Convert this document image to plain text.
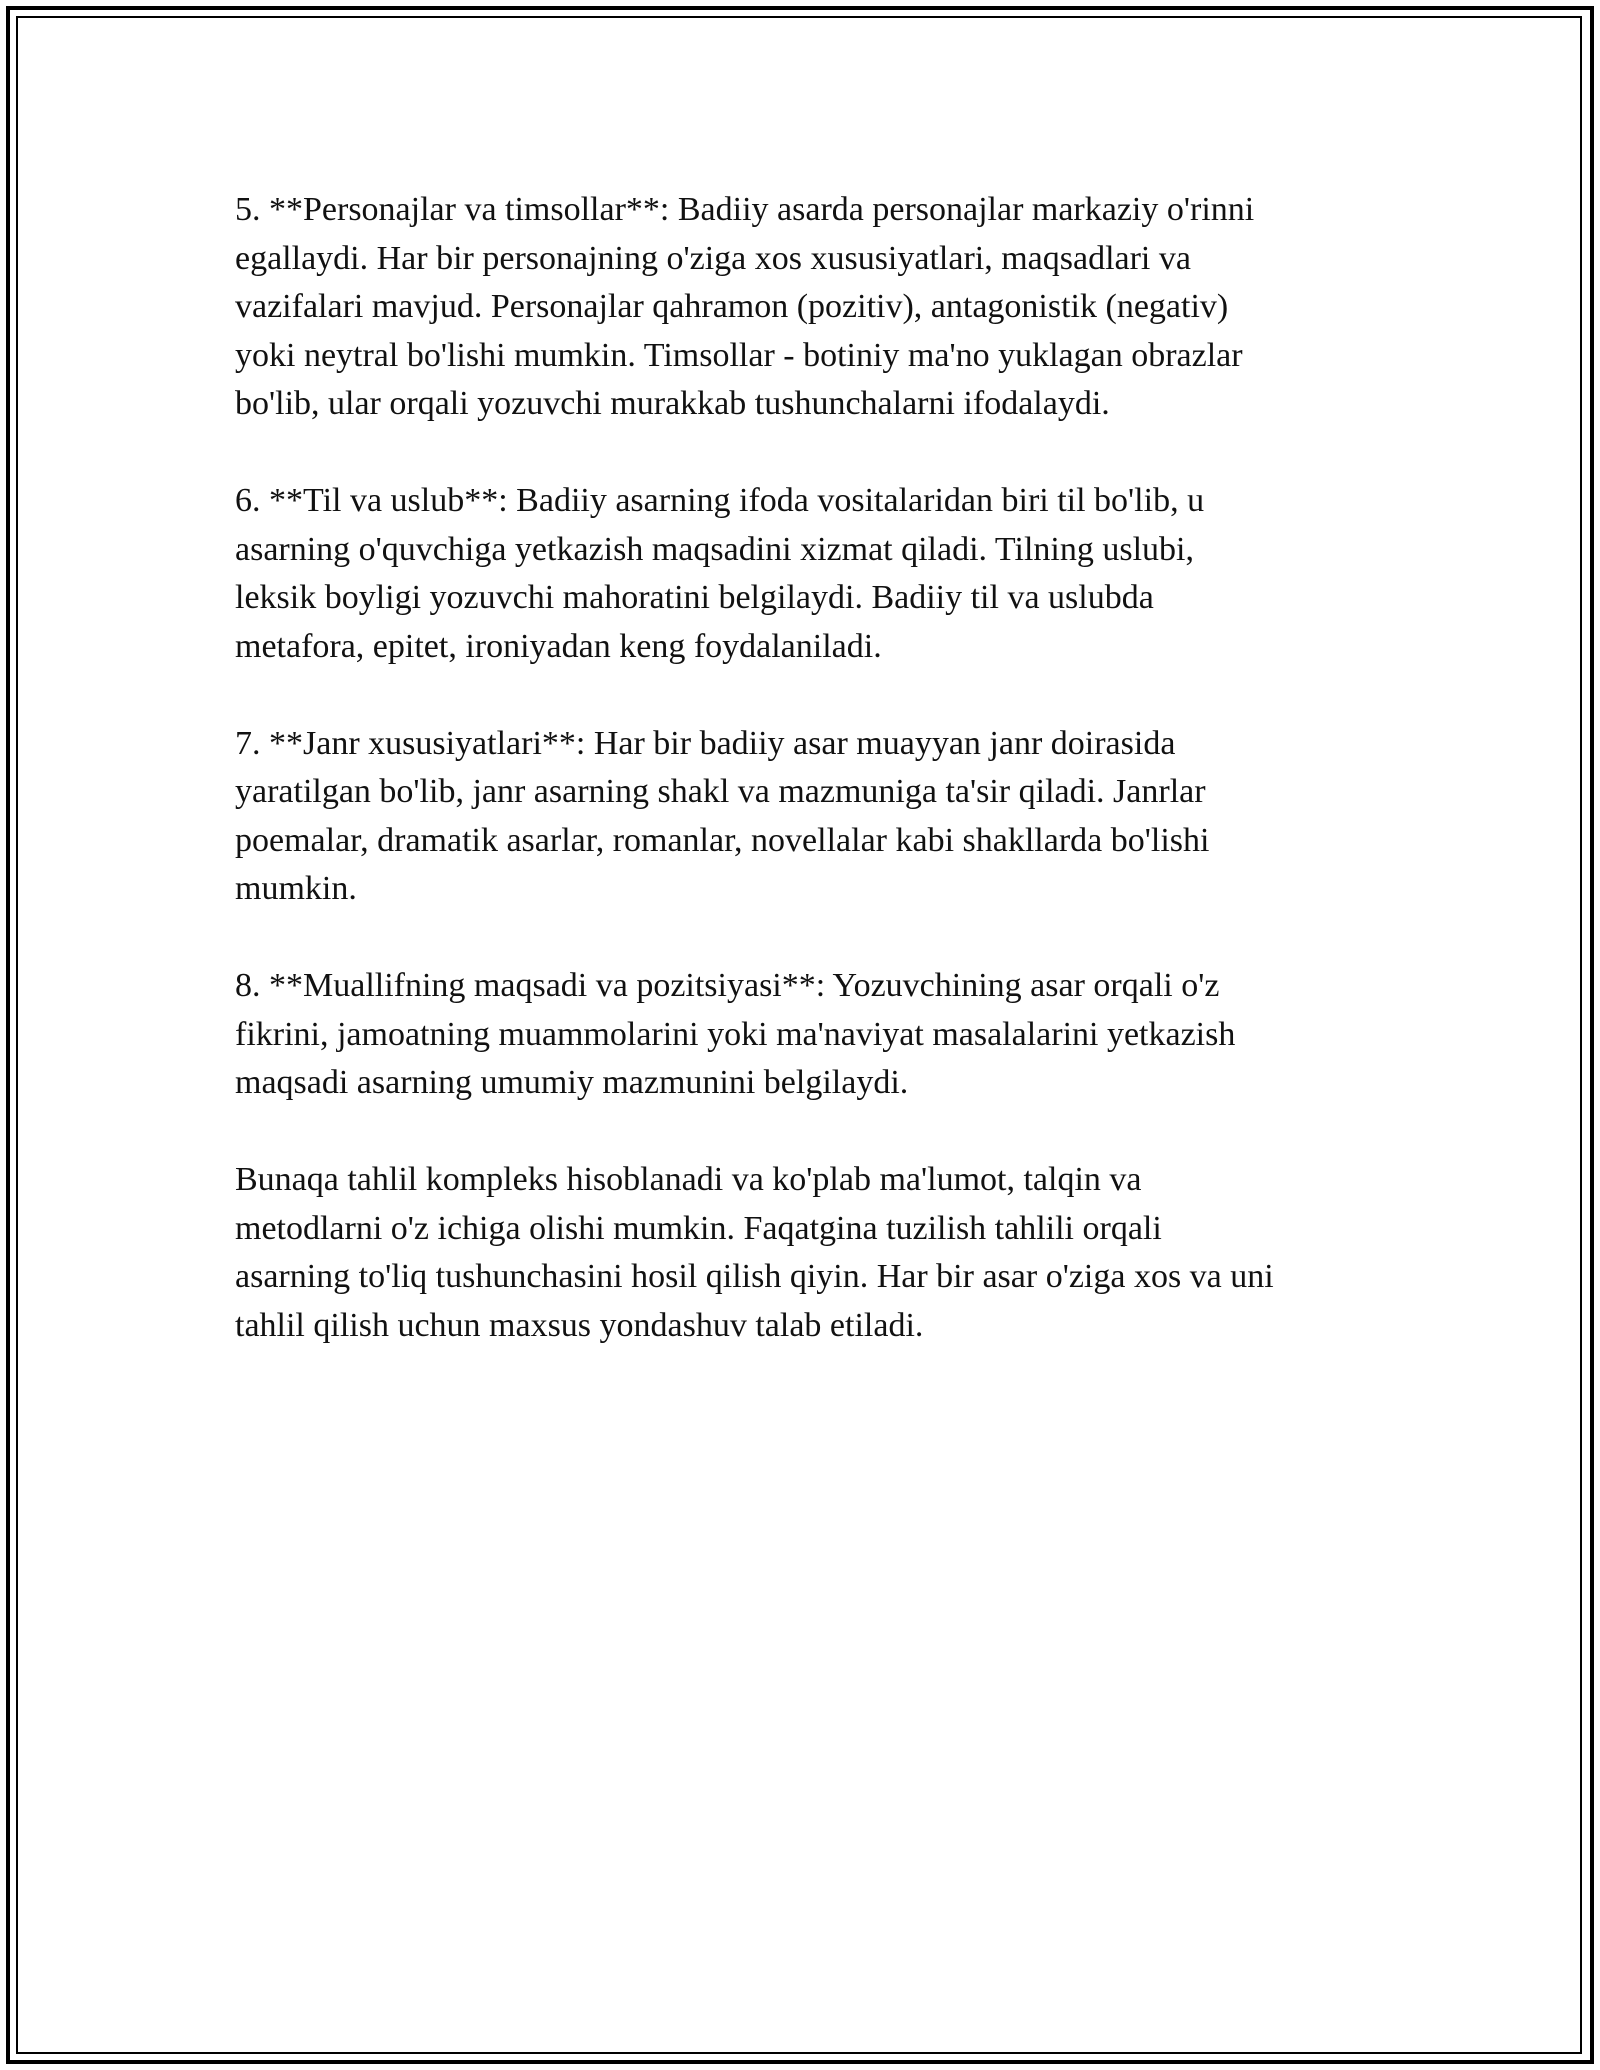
5. **Personajlar va timsollar**: Badiiy asarda personajlar markaziy o'rinni
egallaydi. Har bir personajning o'ziga xos xususiyatlari, maqsadlari va
vazifalari mavjud. Personajlar qahramon (pozitiv), antagonistik (negativ)
yoki neytral bo'lishi mumkin. Timsollar - botiniy ma'no yuklagan obrazlar
bo'lib, ular orqali yozuvchi murakkab tushunchalarni ifodalaydi.

6. **Til va uslub**: Badiiy asarning ifoda vositalaridan biri til bo'lib, u
asarning o'quvchiga yetkazish maqsadini xizmat qiladi. Tilning uslubi,
leksik boyligi yozuvchi mahoratini belgilaydi. Badiiy til va uslubda
metafora, epitet, ironiyadan keng foydalaniladi.

7. **Janr xususiyatlari**: Har bir badiiy asar muayyan janr doirasida
yaratilgan bo'lib, janr asarning shakl va mazmuniga ta'sir qiladi. Janrlar
poemalar, dramatik asarlar, romanlar, novellalar kabi shakllarda bo'lishi
mumkin.

8. **Muallifning maqsadi va pozitsiyasi**: Yozuvchining asar orqali o'z
fikrini, jamoatning muammolarini yoki ma'naviyat masalalarini yetkazish
maqsadi asarning umumiy mazmunini belgilaydi.

Bunaqa tahlil kompleks hisoblanadi va ko'plab ma'lumot, talqin va
metodlarni o'z ichiga olishi mumkin. Faqatgina tuzilish tahlili orqali
asarning to'liq tushunchasini hosil qilish qiyin. Har bir asar o'ziga xos va uni
tahlil qilish uchun maxsus yondashuv talab etiladi.
